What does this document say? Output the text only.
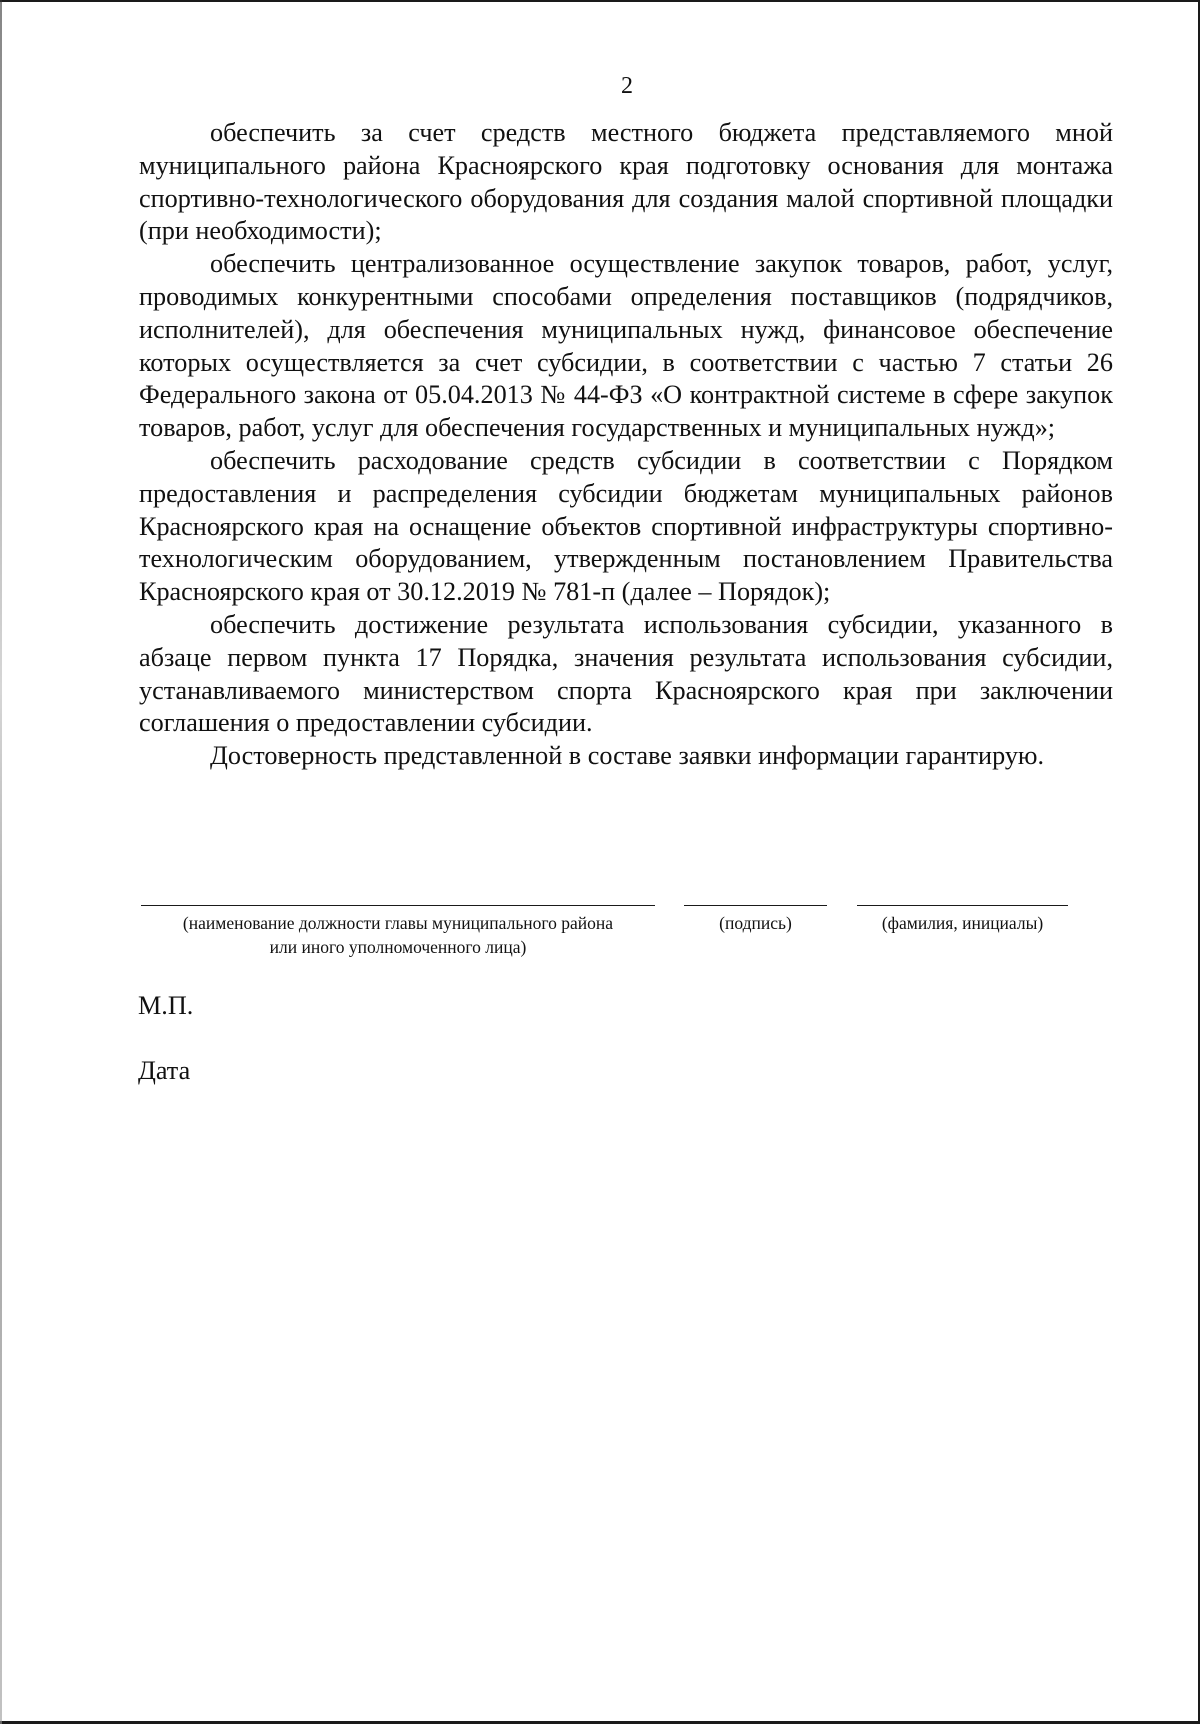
2

обеспечить за счет средств местного бюджета представляемого мной муниципального района Красноярского края подготовку основания для монтажа спортивно-технологического оборудования для создания малой спортивной площадки (при необходимости);

обеспечить централизованное осуществление закупок товаров, работ, услуг, проводимых конкурентными способами определения поставщиков (подрядчиков, исполнителей), для обеспечения муниципальных нужд, финансовое обеспечение которых осуществляется за счет субсидии, в соответствии с частью 7 статьи 26 Федерального закона от 05.04.2013 № 44-ФЗ «О контрактной системе в сфере закупок товаров, работ, услуг для обеспечения государственных и муниципальных нужд»;

обеспечить расходование средств субсидии в соответствии с Порядком предоставления и распределения субсидии бюджетам муниципальных районов Красноярского края на оснащение объектов спортивной инфраструктуры спортивно-технологическим оборудованием, утвержденным постановлением Правительства Красноярского края от 30.12.2019 № 781-п (далее – Порядок);

обеспечить достижение результата использования субсидии, указанного в абзаце первом пункта 17 Порядка, значения результата использования субсидии, устанавливаемого министерством спорта Красноярского края при заключении соглашения о предоставлении субсидии.

Достоверность представленной в составе заявки информации гарантирую.

(наименование должности главы муниципального района
или иного уполномоченного лица)
(подпись)	(фамилия, инициалы)
М.П.
Дата
